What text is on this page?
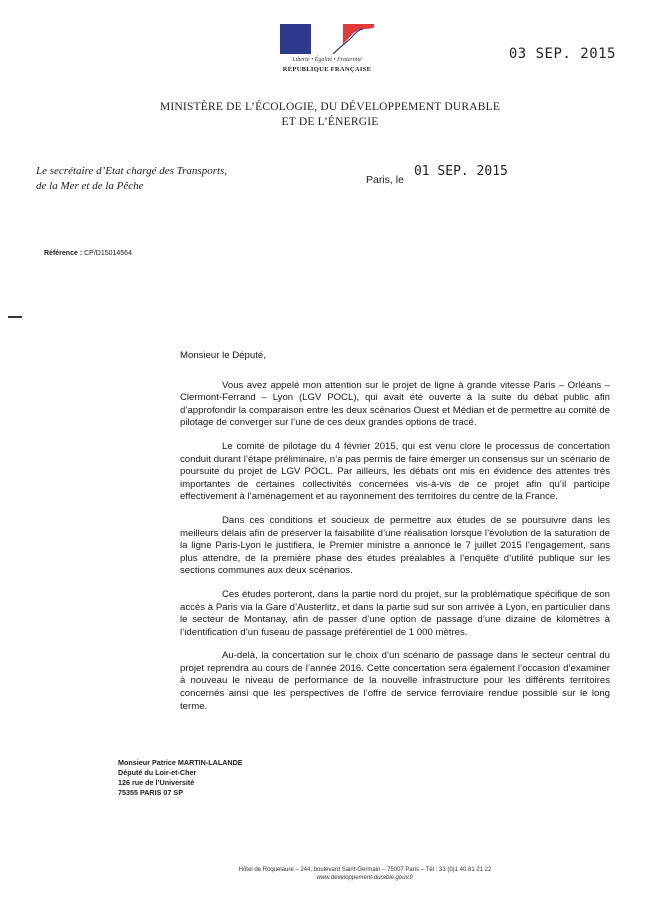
Liberté • Égalité • Fraternité
RÉPUBLIQUE FRANÇAISE
03 SEP. 2015
MINISTÈRE DE L’ÉCOLOGIE, DU DÉVELOPPEMENT DURABLE
ET DE L’ÉNERGIE
Le secrétaire d’Etat chargé des Transports,
de la Mer et de la Pêche	Paris, le01 SEP. 2015
Référence : CP/D15014564

Monsieur le Député,

Vous avez appelé mon attention sur le projet de ligne à grande vitesse Paris – Orléans – Clermont-Ferrand – Lyon (LGV POCL), qui avait été ouverte à la suite du débat public afin d’approfondir la comparaison entre les deux scénarios Ouest et Médian et de permettre au comité de pilotage de converger sur l’une de ces deux grandes options de tracé.

Le comité de pilotage du 4 février 2015, qui est venu clore le processus de concertation conduit durant l’étape préliminaire, n’a pas permis de faire émerger un consensus sur un scénario de poursuite du projet de LGV POCL. Par ailleurs, les débats ont mis en évidence des attentes très importantes de certaines collectivités concernées vis-à-vis de ce projet afin qu’il participe effectivement à l’aménagement et au rayonnement des territoires du centre de la France.

Dans ces conditions et soucieux de permettre aux études de se poursuivre dans les meilleurs délais afin de préserver la faisabilité d’une réalisation lorsque l’évolution de la saturation de la ligne Paris-Lyon le justifiera, le Premier ministre a annoncé le 7 juillet 2015 l’engagement, sans plus attendre, de la première phase des études préalables à l’enquête d’utilité publique sur les sections communes aux deux scénarios.

Ces études porteront, dans la partie nord du projet, sur la problématique spécifique de son accès à Paris via la Gare d’Austerlitz, et dans la partie sud sur son arrivée à Lyon, en particulier dans le secteur de Montanay, afin de passer d’une option de passage d’une dizaine de kilomètres à l’identification d’un fuseau de passage préférentiel de 1 000 mètres.

Au-delà, la concertation sur le choix d’un scénario de passage dans le secteur central du projet reprendra au cours de l’année 2016. Cette concertation sera également l’occasion d’examiner à nouveau le niveau de performance de la nouvelle infrastructure pour les différents territoires concernés ainsi que les perspectives de l’offre de service ferroviaire rendue possible sur le long terme.

Monsieur Patrice MARTIN-LALANDE
Député du Loir-et-Cher
126 rue de l’Université
75355 PARIS 07 SP
Hôtel de Roquelaure – 244, boulevard Saint-Germain – 75007 Paris – Tél : 33 (0)1 40 81 21 22
www.developpement-durable.gouv.fr
